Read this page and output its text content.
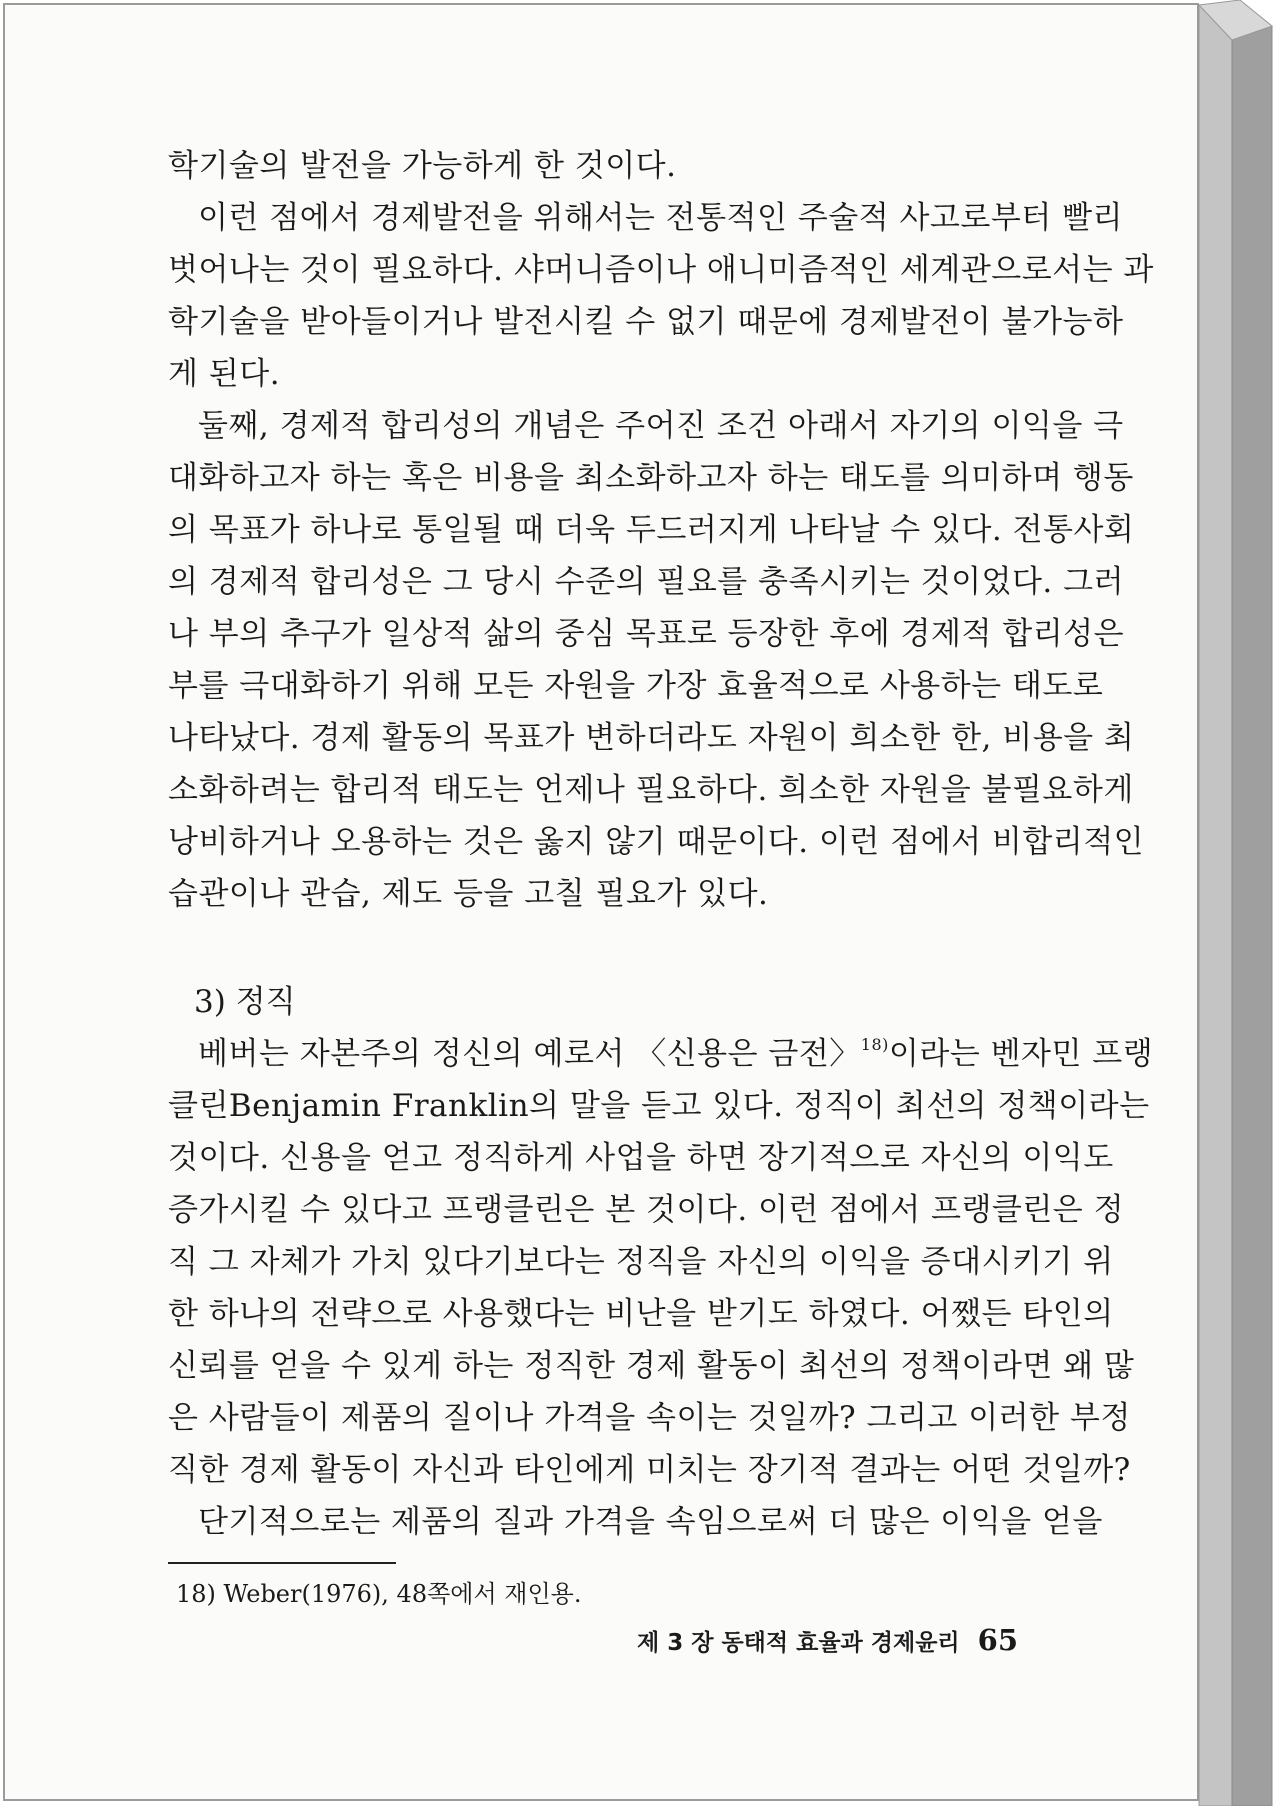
학기술의 발전을 가능하게 한 것이다.
이런 점에서 경제발전을 위해서는 전통적인 주술적 사고로부터 빨리
벗어나는 것이 필요하다. 샤머니즘이나 애니미즘적인 세계관으로서는 과
학기술을 받아들이거나 발전시킬 수 없기 때문에 경제발전이 불가능하
게 된다.
둘째, 경제적 합리성의 개념은 주어진 조건 아래서 자기의 이익을 극
대화하고자 하는 혹은 비용을 최소화하고자 하는 태도를 의미하며 행동
의 목표가 하나로 통일될 때 더욱 두드러지게 나타날 수 있다. 전통사회
의 경제적 합리성은 그 당시 수준의 필요를 충족시키는 것이었다. 그러
나 부의 추구가 일상적 삶의 중심 목표로 등장한 후에 경제적 합리성은
부를 극대화하기 위해 모든 자원을 가장 효율적으로 사용하는 태도로
나타났다. 경제 활동의 목표가 변하더라도 자원이 희소한 한, 비용을 최
소화하려는 합리적 태도는 언제나 필요하다. 희소한 자원을 불필요하게
낭비하거나 오용하는 것은 옳지 않기 때문이다. 이런 점에서 비합리적인
습관이나 관습, 제도 등을 고칠 필요가 있다.
3) 정직
베버는 자본주의 정신의 예로서 〈신용은 금전〉$^{18)}$이라는 벤자민 프랭
클린Benjamin Franklin의 말을 듣고 있다. 정직이 최선의 정책이라는
것이다. 신용을 얻고 정직하게 사업을 하면 장기적으로 자신의 이익도
증가시킬 수 있다고 프랭클린은 본 것이다. 이런 점에서 프랭클린은 정
직 그 자체가 가치 있다기보다는 정직을 자신의 이익을 증대시키기 위
한 하나의 전략으로 사용했다는 비난을 받기도 하였다. 어쨌든 타인의
신뢰를 얻을 수 있게 하는 정직한 경제 활동이 최선의 정책이라면 왜 많
은 사람들이 제품의 질이나 가격을 속이는 것일까? 그리고 이러한 부정
직한 경제 활동이 자신과 타인에게 미치는 장기적 결과는 어떤 것일까?
단기적으로는 제품의 질과 가격을 속임으로써 더 많은 이익을 얻을
18) Weber(1976), 48쪽에서 재인용.
제 3 장 동태적 효율과 경제윤리 65
